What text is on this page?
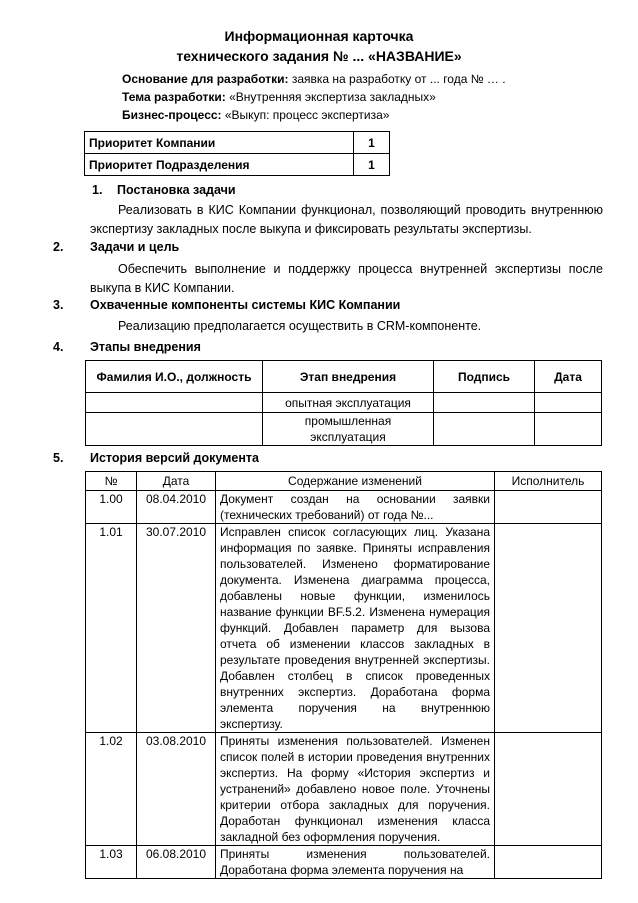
Информационная карточка
технического задания № ... «НАЗВАНИЕ»
Основание для разработки: заявка на разработку от ... года № … .
Тема разработки: «Внутренняя экспертиза закладных»
Бизнес-процесс: «Выкуп: процесс экспертиза»
Приоритет Компании	1
Приоритет Подразделения	1
1. Постановка задачи
Реализовать в КИС Компании функционал, позволяющий проводить внутреннюю экспертизу закладных после выкупа и фиксировать результаты экспертизы.
2. Задачи и цель
Обеспечить выполнение и поддержку процесса внутренней экспертизы после выкупа в КИС Компании.
3. Охваченные компоненты системы КИС Компании
Реализацию предполагается осуществить в CRM-компоненте.
4. Этапы внедрения
Фамилия И.О., должность	Этап внедрения	Подпись	Дата
	опытная эксплуатация		
	промышленная эксплуатация		
5. История версий документа
№	Дата	Содержание изменений	Исполнитель
1.00	08.04.2010	Документ создан на основании заявки (технических требований) от года №...	
1.01	30.07.2010	Исправлен список согласующих лиц. Указана информация по заявке. Приняты исправления пользователей. Изменено форматирование документа. Изменена диаграмма процесса, добавлены новые функции, изменилось название функции BF.5.2. Изменена нумерация функций. Добавлен параметр для вызова отчета об изменении классов закладных в результате проведения внутренней экспертизы. Добавлен столбец в список проведенных внутренних экспертиз. Доработана форма элемента поручения на внутреннюю экспертизу.	
1.02	03.08.2010	Приняты изменения пользователей. Изменен список полей в истории проведения внутренних экспертиз. На форму «История экспертиз и устранений» добавлено новое поле. Уточнены критерии отбора закладных для поручения. Доработан функционал изменения класса закладной без оформления поручения.	
1.03	06.08.2010	Приняты изменения пользователей. Доработана форма элемента поручения на	
